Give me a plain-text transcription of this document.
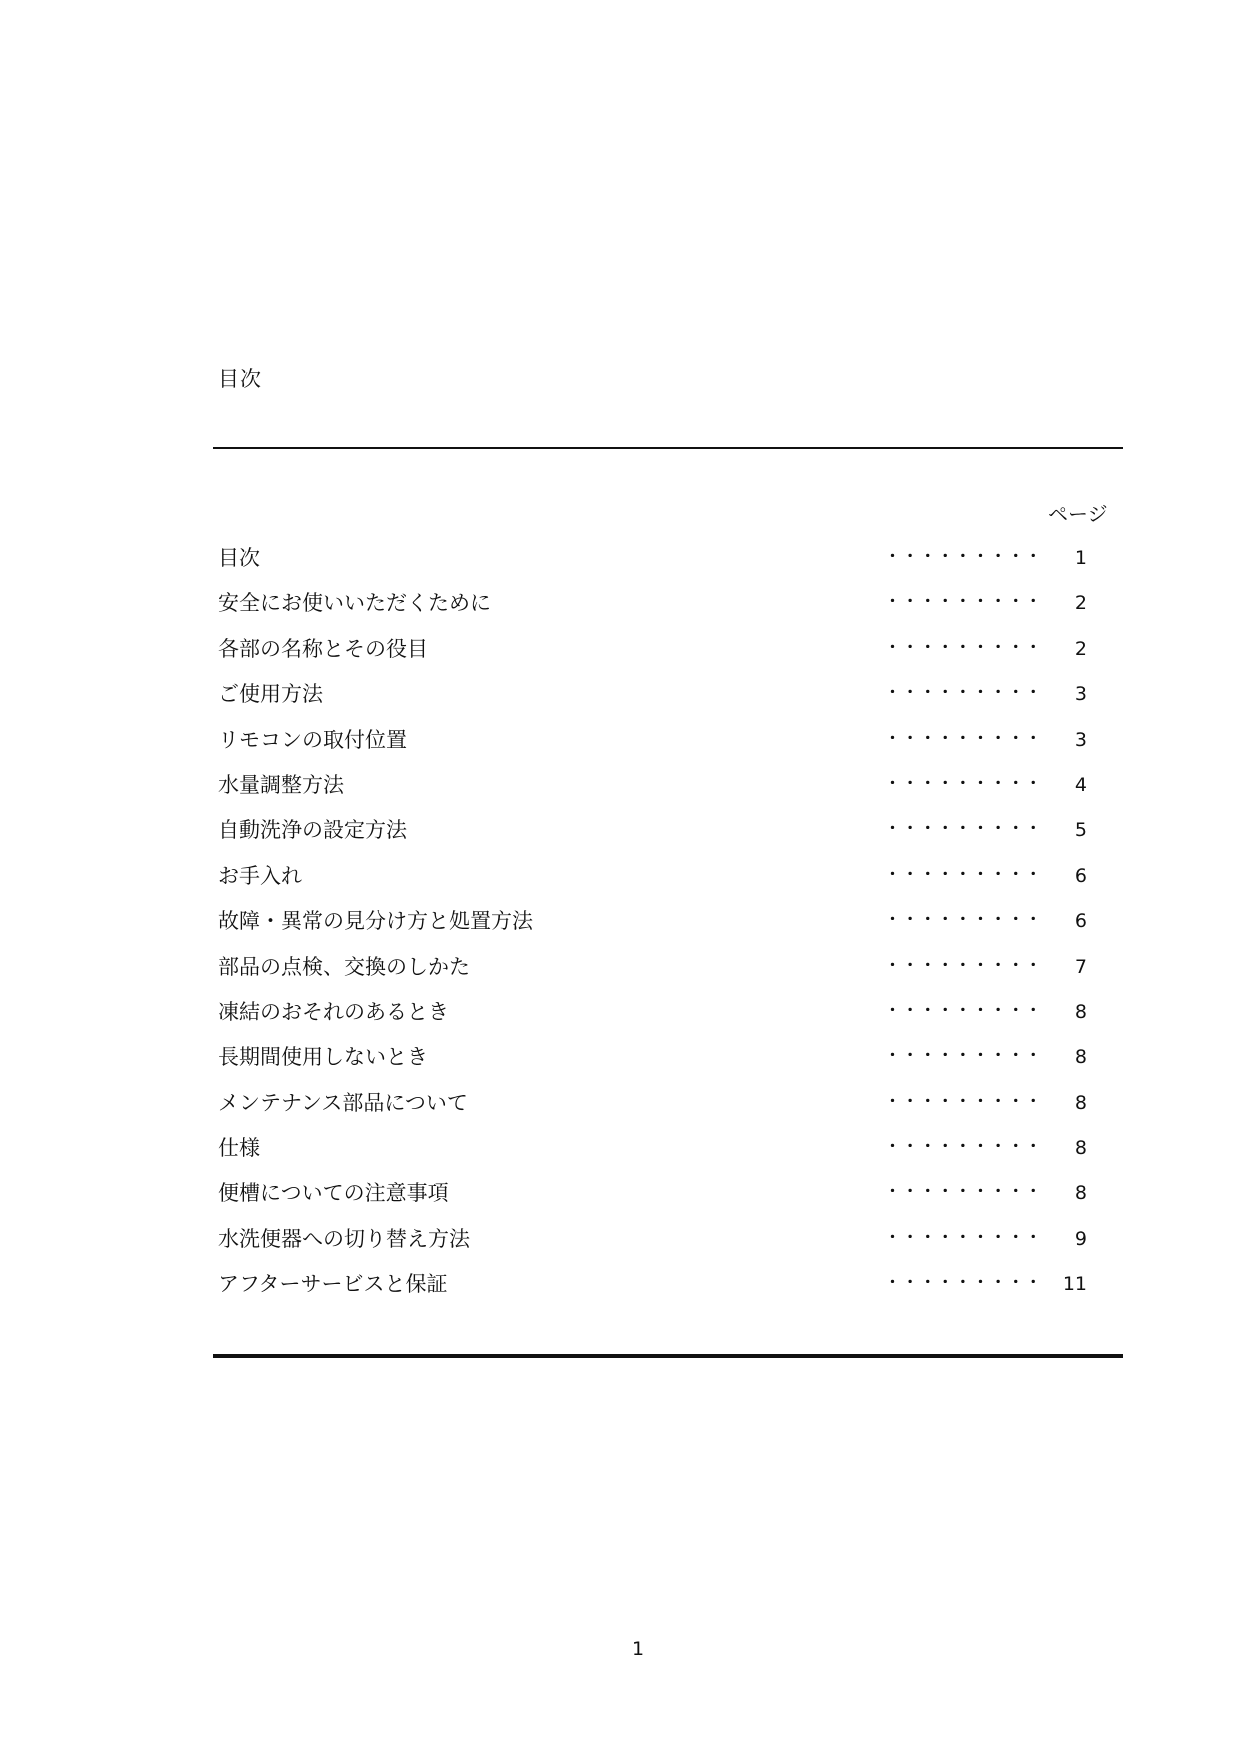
目次
ページ
目次	・・・・・・・・・	1
安全にお使いいただくために	・・・・・・・・・	2
各部の名称とその役目	・・・・・・・・・	2
ご使用方法	・・・・・・・・・	3
リモコンの取付位置	・・・・・・・・・	3
水量調整方法	・・・・・・・・・	4
自動洗浄の設定方法	・・・・・・・・・	5
お手入れ	・・・・・・・・・	6
故障・異常の見分け方と処置方法	・・・・・・・・・	6
部品の点検、交換のしかた	・・・・・・・・・	7
凍結のおそれのあるとき	・・・・・・・・・	8
長期間使用しないとき	・・・・・・・・・	8
メンテナンス部品について	・・・・・・・・・	8
仕様	・・・・・・・・・	8
便槽についての注意事項	・・・・・・・・・	8
水洗便器への切り替え方法	・・・・・・・・・	9
アフターサービスと保証	・・・・・・・・・	11
1
